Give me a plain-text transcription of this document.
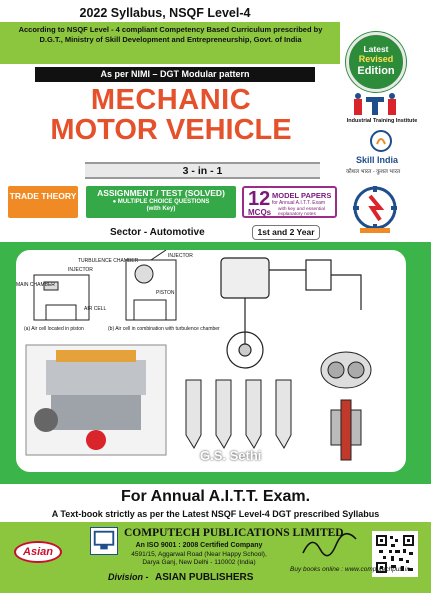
2022 Syllabus, NSQF Level-4
According to NSQF Level - 4 compliant Competency Based Curriculum prescribed by D.G.T., Ministry of Skill Development and Entrepreneurship, Govt. of India
As per NIMI – DGT Modular pattern
MECHANIC
MOTOR VEHICLE
3 - in - 1
TRADE THEORY	ASSIGNMENT / TEST (SOLVED)
● MULTIPLE CHOICE QUESTIONS
(with Key)	12 MODEL PAPERS
for Annual A.I.T.T. Exam
MCQs with key and essential explanatory notes
Sector - Automotive	1st and 2 Year
Latest
Revised
Edition
Industrial Training Institute
Skill India
कौशल भारत - कुशल भारत
TURBULENCE CHAMBER
INJECTOR
INJECTOR
MAIN CHAMBER
AIR CELL
PISTON
(a) Air cell located in piston	(b) Air cell in combination with turbulence chamber
G.S. Sethi
For Annual A.I.T.T. Exam.
A Text-book strictly as per the Latest NSQF Level-4 DGT prescribed Syllabus
Asian
COMPUTECH PUBLICATIONS LIMITED
An ISO 9001 : 2008 Certified Company
4591/15, Aggarwal Road (Near Happy School),
Darya Ganj, New Delhi - 110002 (India)
Division - ASIAN PUBLISHERS
Buy books online : www.computechpub.in
